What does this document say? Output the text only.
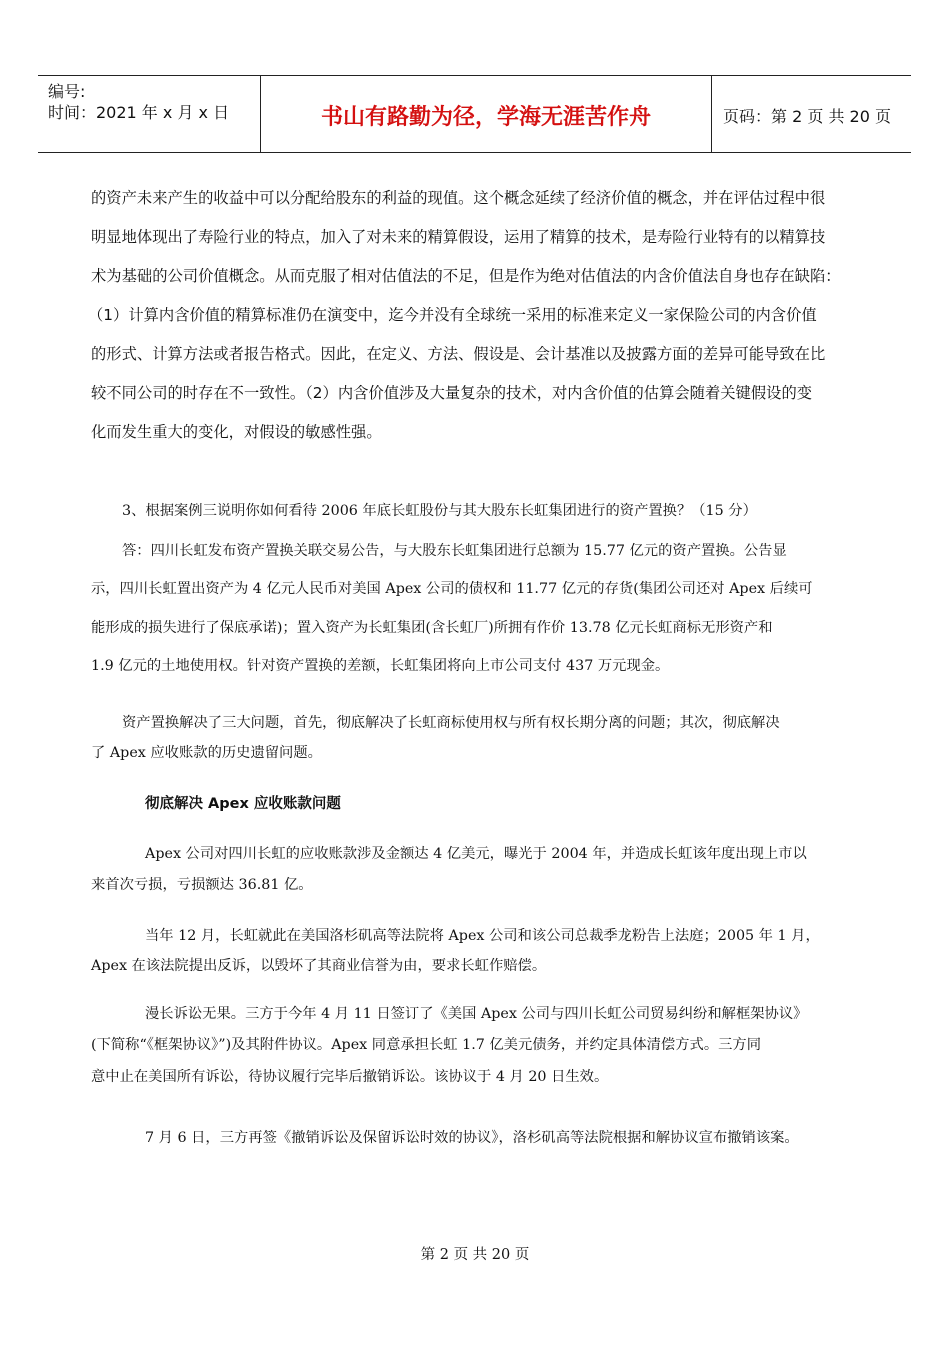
编号:
时间：2021 年 x 月 x 日	书山有路勤为径，学海无涯苦作舟	页码：第 2 页 共 20 页
的资产未来产生的收益中可以分配给股东的利益的现值。这个概念延续了经济价值的概念，并在评估过程中很
明显地体现出了寿险行业的特点，加入了对未来的精算假设，运用了精算的技术，是寿险行业特有的以精算技
术为基础的公司价值概念。从而克服了相对估值法的不足，但是作为绝对估值法的内含价值法自身也存在缺陷：
（1）计算内含价值的精算标准仍在演变中，迄今并没有全球统一采用的标准来定义一家保险公司的内含价值
的形式、计算方法或者报告格式。因此，在定义、方法、假设是、会计基准以及披露方面的差异可能导致在比
较不同公司的时存在不一致性。（2）内含价值涉及大量复杂的技术，对内含价值的估算会随着关键假设的变
化而发生重大的变化，对假设的敏感性强。
3、根据案例三说明你如何看待 2006 年底长虹股份与其大股东长虹集团进行的资产置换？（15 分）
答：四川长虹发布资产置换关联交易公告，与大股东长虹集团进行总额为 15.77 亿元的资产置换。公告显
示，四川长虹置出资产为 4 亿元人民币对美国 Apex 公司的债权和 11.77 亿元的存货(集团公司还对 Apex 后续可
能形成的损失进行了保底承诺)；置入资产为长虹集团(含长虹厂)所拥有作价 13.78 亿元长虹商标无形资产和
1.9 亿元的土地使用权。针对资产置换的差额，长虹集团将向上市公司支付 437 万元现金。
资产置换解决了三大问题，首先，彻底解决了长虹商标使用权与所有权长期分离的问题；其次，彻底解决
了 Apex 应收账款的历史遗留问题。
彻底解决 Apex 应收账款问题
Apex 公司对四川长虹的应收账款涉及金额达 4 亿美元，曝光于 2004 年，并造成长虹该年度出现上市以
来首次亏损，亏损额达 36.81 亿。
当年 12 月，长虹就此在美国洛杉矶高等法院将 Apex 公司和该公司总裁季龙粉告上法庭；2005 年 1 月，
Apex 在该法院提出反诉，以毁坏了其商业信誉为由，要求长虹作赔偿。
漫长诉讼无果。三方于今年 4 月 11 日签订了《美国 Apex 公司与四川长虹公司贸易纠纷和解框架协议》
(下简称“《框架协议》”)及其附件协议。Apex 同意承担长虹 1.7 亿美元债务，并约定具体清偿方式。三方同
意中止在美国所有诉讼，待协议履行完毕后撤销诉讼。该协议于 4 月 20 日生效。
7 月 6 日，三方再签《撤销诉讼及保留诉讼时效的协议》，洛杉矶高等法院根据和解协议宣布撤销该案。
第 2 页 共 20 页
